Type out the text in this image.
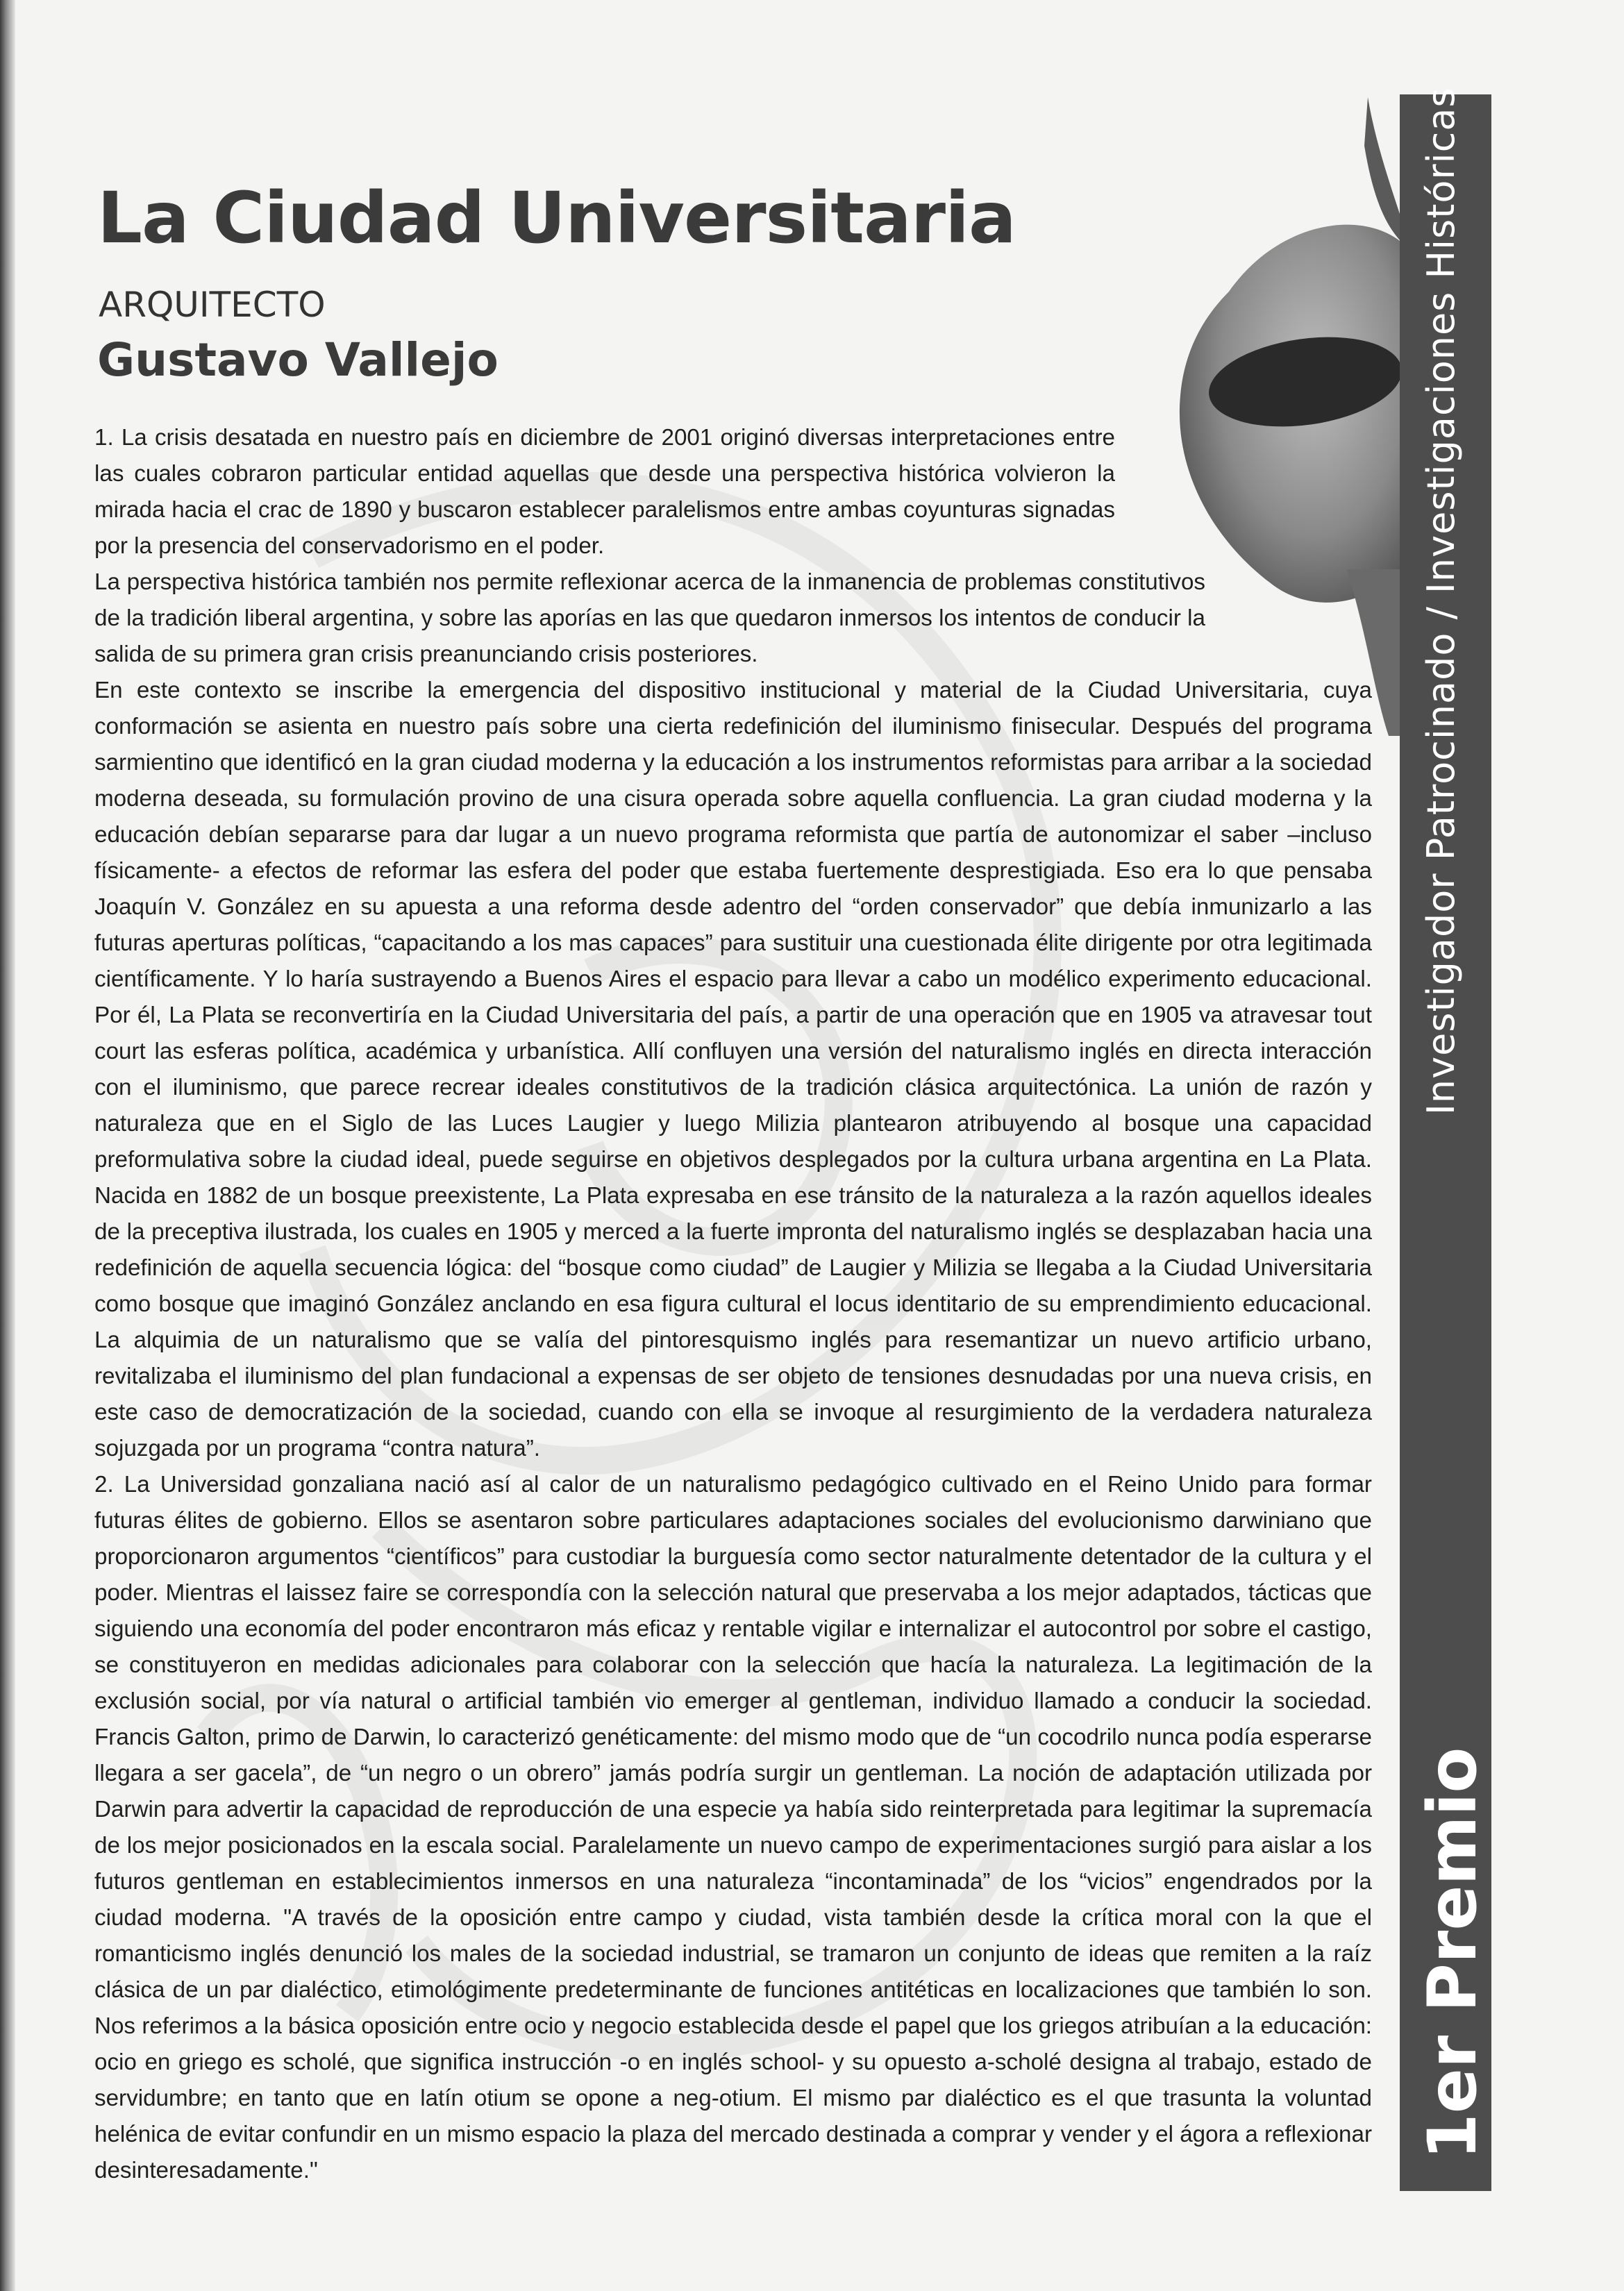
Investigador Patrocinado / Investigaciones Históricas
1er Premio
La Ciudad Universitaria
ARQUITECTO
Gustavo Vallejo

1. La crisis desatada en nuestro país en diciembre de 2001 originó diversas interpretaciones entre las cuales cobraron particular entidad aquellas que desde una perspectiva histórica volvieron la mirada hacia el crac de 1890 y buscaron establecer paralelismos entre ambas coyunturas signadas por la presencia del conservadorismo en el poder.

La perspectiva histórica también nos permite reflexionar acerca de la inmanencia de problemas constitutivos de la tradición liberal argentina, y sobre las aporías en las que quedaron inmersos los intentos de conducir la salida de su primera gran crisis preanunciando crisis posteriores.

En este contexto se inscribe la emergencia del dispositivo institucional y material de la Ciudad Universitaria, cuya conformación se asienta en nuestro país sobre una cierta redefinición del iluminismo finisecular. Después del programa sarmientino que identificó en la gran ciudad moderna y la educación a los instrumentos reformistas para arribar a la sociedad moderna deseada, su formulación provino de una cisura operada sobre aquella confluencia. La gran ciudad moderna y la educación debían separarse para dar lugar a un nuevo programa reformista que partía de autonomizar el saber –incluso físicamente- a efectos de reformar las esfera del poder que estaba fuertemente desprestigiada. Eso era lo que pensaba Joaquín V. González en su apuesta a una reforma desde adentro del “orden conservador” que debía inmunizarlo a las futuras aperturas políticas, “capacitando a los mas capaces” para sustituir una cuestionada élite dirigente por otra legitimada científicamente. Y lo haría sustrayendo a Buenos Aires el espacio para llevar a cabo un modélico experimento educacional. Por él, La Plata se reconvertiría en la Ciudad Universitaria del país, a partir de una operación que en 1905 va atravesar tout court las esferas política, académica y urbanística. Allí confluyen una versión del naturalismo inglés en directa interacción con el iluminismo, que parece recrear ideales constitutivos de la tradición clásica arquitectónica. La unión de razón y naturaleza que en el Siglo de las Luces Laugier y luego Milizia plantearon atribuyendo al bosque una capacidad preformulativa sobre la ciudad ideal, puede seguirse en objetivos desplegados por la cultura urbana argentina en La Plata. Nacida en 1882 de un bosque preexistente, La Plata expresaba en ese tránsito de la naturaleza a la razón aquellos ideales de la preceptiva ilustrada, los cuales en 1905 y merced a la fuerte impronta del naturalismo inglés se desplazaban hacia una redefinición de aquella secuencia lógica: del “bosque como ciudad” de Laugier y Milizia se llegaba a la Ciudad Universitaria como bosque que imaginó González anclando en esa figura cultural el locus identitario de su emprendimiento educacional. La alquimia de un naturalismo que se valía del pintoresquismo inglés para resemantizar un nuevo artificio urbano, revitalizaba el iluminismo del plan fundacional a expensas de ser objeto de tensiones desnudadas por una nueva crisis, en este caso de democratización de la sociedad, cuando con ella se invoque al resurgimiento de la verdadera naturaleza sojuzgada por un programa “contra natura”.

2. La Universidad gonzaliana nació así al calor de un naturalismo pedagógico cultivado en el Reino Unido para formar futuras élites de gobierno. Ellos se asentaron sobre particulares adaptaciones sociales del evolucionismo darwiniano que proporcionaron argumentos “científicos” para custodiar la burguesía como sector naturalmente detentador de la cultura y el poder. Mientras el laissez faire se correspondía con la selección natural que preservaba a los mejor adaptados, tácticas que siguiendo una economía del poder encontraron más eficaz y rentable vigilar e internalizar el autocontrol por sobre el castigo, se constituyeron en medidas adicionales para colaborar con la selección que hacía la naturaleza. La legitimación de la exclusión social, por vía natural o artificial también vio emerger al gentleman, individuo llamado a conducir la sociedad. Francis Galton, primo de Darwin, lo caracterizó genéticamente: del mismo modo que de “un cocodrilo nunca podía esperarse llegara a ser gacela”, de “un negro o un obrero” jamás podría surgir un gentleman. La noción de adaptación utilizada por Darwin para advertir la capacidad de reproducción de una especie ya había sido reinterpretada para legitimar la supremacía de los mejor posicionados en la escala social. Paralelamente un nuevo campo de experimentaciones surgió para aislar a los futuros gentleman en establecimientos inmersos en una naturaleza “incontaminada” de los “vicios” engendrados por la ciudad moderna. "A través de la oposición entre campo y ciudad, vista también desde la crítica moral con la que el romanticismo inglés denunció los males de la sociedad industrial, se tramaron un conjunto de ideas que remiten a la raíz clásica de un par dialéctico, etimológimente predeterminante de funciones antitéticas en localizaciones que también lo son. Nos referimos a la básica oposición entre ocio y negocio establecida desde el papel que los griegos atribuían a la educación: ocio en griego es scholé, que significa instrucción -o en inglés school- y su opuesto a-scholé designa al trabajo, estado de servidumbre; en tanto que en latín otium se opone a neg-otium. El mismo par dialéctico es el que trasunta la voluntad helénica de evitar confundir en un mismo espacio la plaza del mercado destinada a comprar y vender y el ágora a reflexionar desinteresadamente."
